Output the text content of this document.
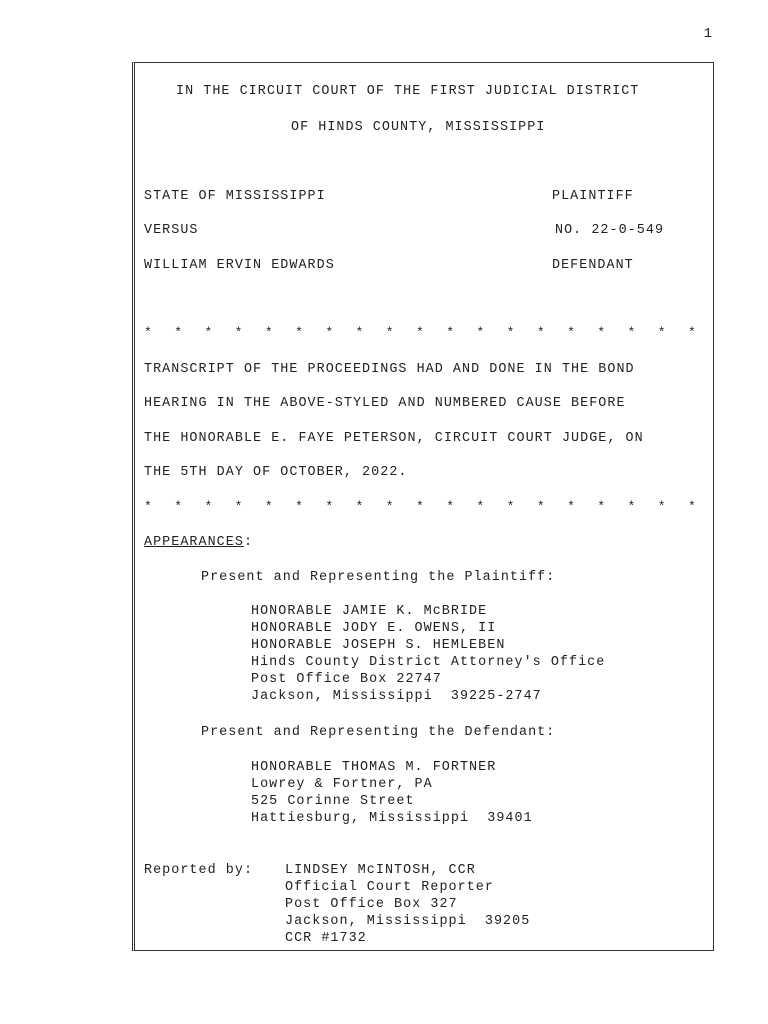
1
IN THE CIRCUIT COURT OF THE FIRST JUDICIAL DISTRICT
OF HINDS COUNTY, MISSISSIPPI
STATE OF MISSISSIPPI	PLAINTIFF
VERSUS	NO. 22-0-549
WILLIAM ERVIN EDWARDS	DEFENDANT
* * * * * * * * * * * * * * * * * * *
TRANSCRIPT OF THE PROCEEDINGS HAD AND DONE IN THE BOND
HEARING IN THE ABOVE-STYLED AND NUMBERED CAUSE BEFORE
THE HONORABLE E. FAYE PETERSON, CIRCUIT COURT JUDGE, ON
THE 5TH DAY OF OCTOBER, 2022.
* * * * * * * * * * * * * * * * * * *
APPEARANCES:
Present and Representing the Plaintiff:
HONORABLE JAMIE K. McBRIDE
HONORABLE JODY E. OWENS, II
HONORABLE JOSEPH S. HEMLEBEN
Hinds County District Attorney's Office
Post Office Box 22747
Jackson, Mississippi  39225-2747
Present and Representing the Defendant:
HONORABLE THOMAS M. FORTNER
Lowrey & Fortner, PA
525 Corinne Street
Hattiesburg, Mississippi  39401
Reported by: LINDSEY McINTOSH, CCR
Official Court Reporter
Post Office Box 327
Jackson, Mississippi  39205
CCR #1732
